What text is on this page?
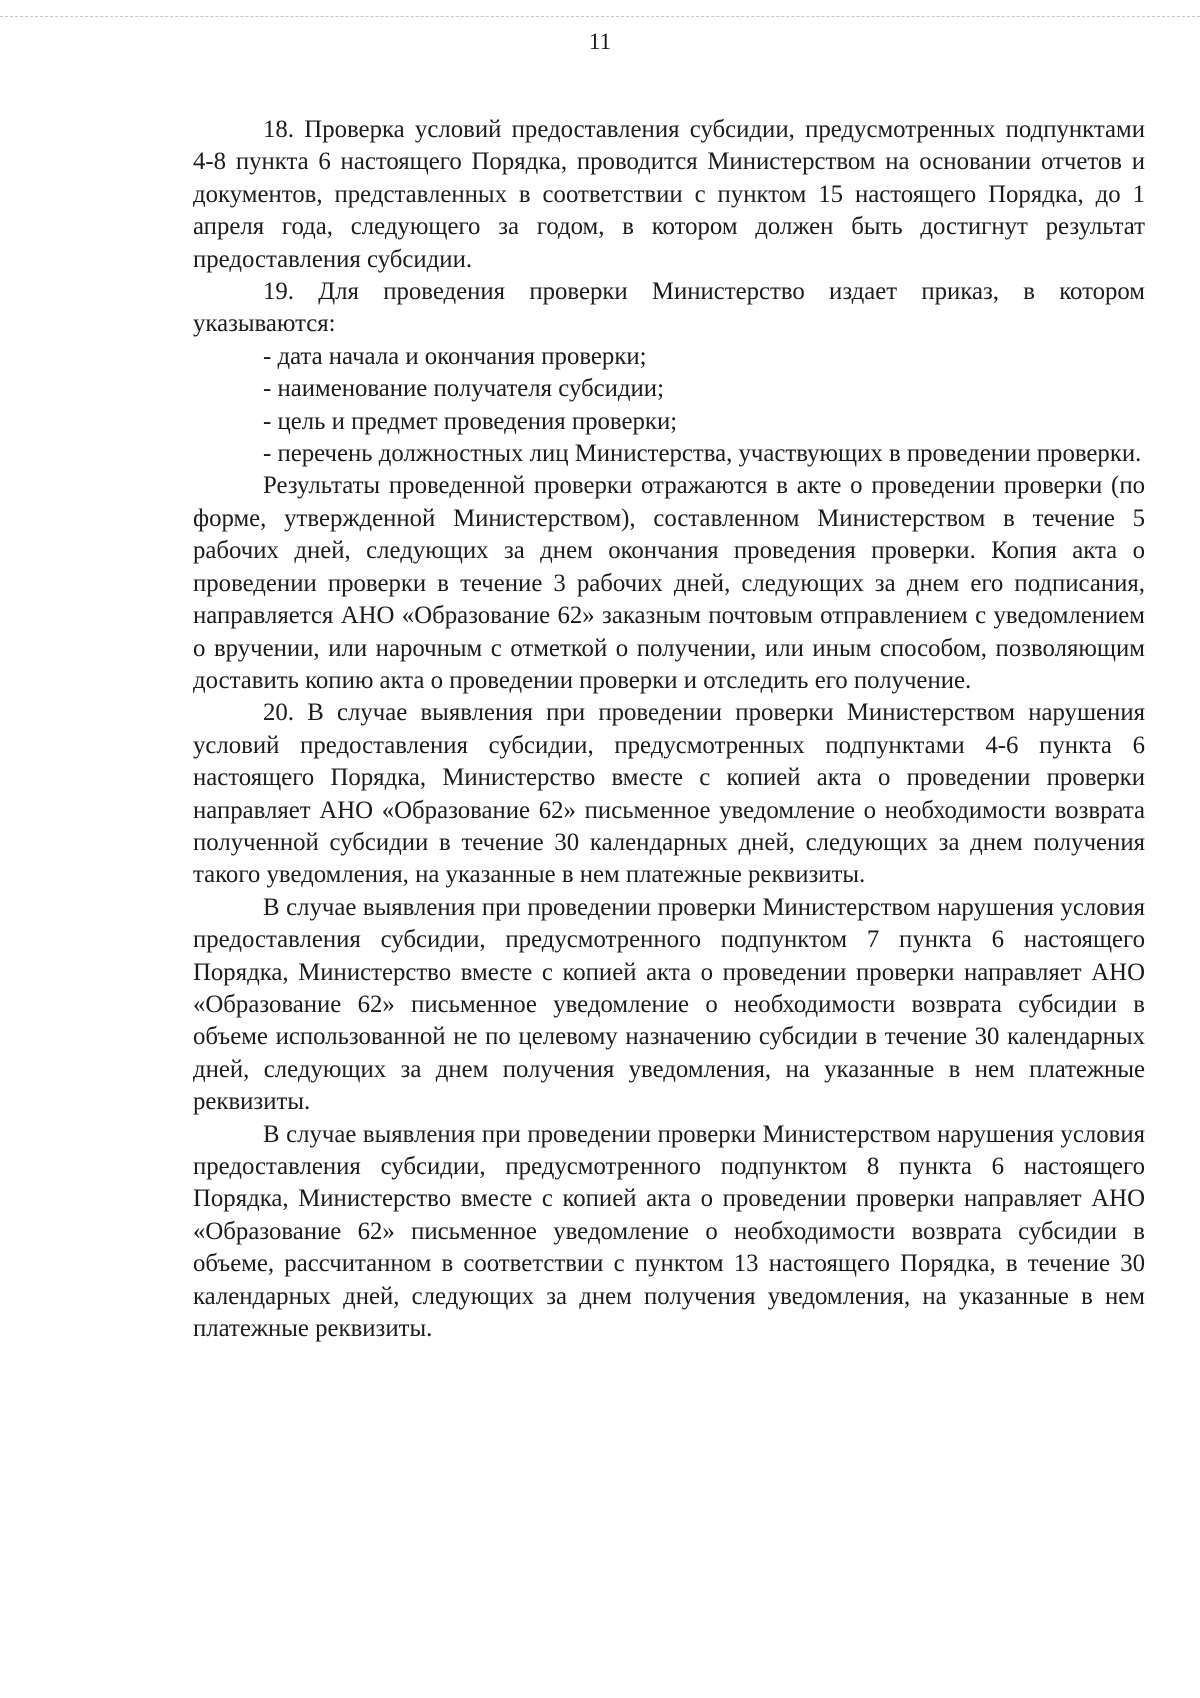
11

18. Проверка условий предоставления субсидии, предусмотренных подпунктами 4-8 пункта 6 настоящего Порядка, проводится Министерством на основании отчетов и документов, представленных в соответствии с пунктом 15 настоящего Порядка, до 1 апреля года, следующего за годом, в котором должен быть достигнут результат предоставления субсидии.

19. Для проведения проверки Министерство издает приказ, в котором указываются:

- дата начала и окончания проверки;

- наименование получателя субсидии;

- цель и предмет проведения проверки;

- перечень должностных лиц Министерства, участвующих в проведении проверки.

Результаты проведенной проверки отражаются в акте о проведении проверки (по форме, утвержденной Министерством), составленном Министерством в течение 5 рабочих дней, следующих за днем окончания проведения проверки. Копия акта о проведении проверки в течение 3 рабочих дней, следующих за днем его подписания, направляется АНО «Образование 62» заказным почтовым отправлением с уведомлением о вручении, или нарочным с отметкой о получении, или иным способом, позволяющим доставить копию акта о проведении проверки и отследить его получение.

20. В случае выявления при проведении проверки Министерством нарушения условий предоставления субсидии, предусмотренных подпунктами 4-6 пункта 6 настоящего Порядка, Министерство вместе с копией акта о проведении проверки направляет АНО «Образование 62» письменное уведомление о необходимости возврата полученной субсидии в течение 30 календарных дней, следующих за днем получения такого уведомления, на указанные в нем платежные реквизиты.

В случае выявления при проведении проверки Министерством нарушения условия предоставления субсидии, предусмотренного подпунктом 7 пункта 6 настоящего Порядка, Министерство вместе с копией акта о проведении проверки направляет АНО «Образование 62» письменное уведомление о необходимости возврата субсидии в объеме использованной не по целевому назначению субсидии в течение 30 календарных дней, следующих за днем получения уведомления, на указанные в нем платежные реквизиты.

В случае выявления при проведении проверки Министерством нарушения условия предоставления субсидии, предусмотренного подпунктом 8 пункта 6 настоящего Порядка, Министерство вместе с копией акта о проведении проверки направляет АНО «Образование 62» письменное уведомление о необходимости возврата субсидии в объеме, рассчитанном в соответствии с пунктом 13 настоящего Порядка, в течение 30 календарных дней, следующих за днем получения уведомления, на указанные в нем платежные реквизиты.
